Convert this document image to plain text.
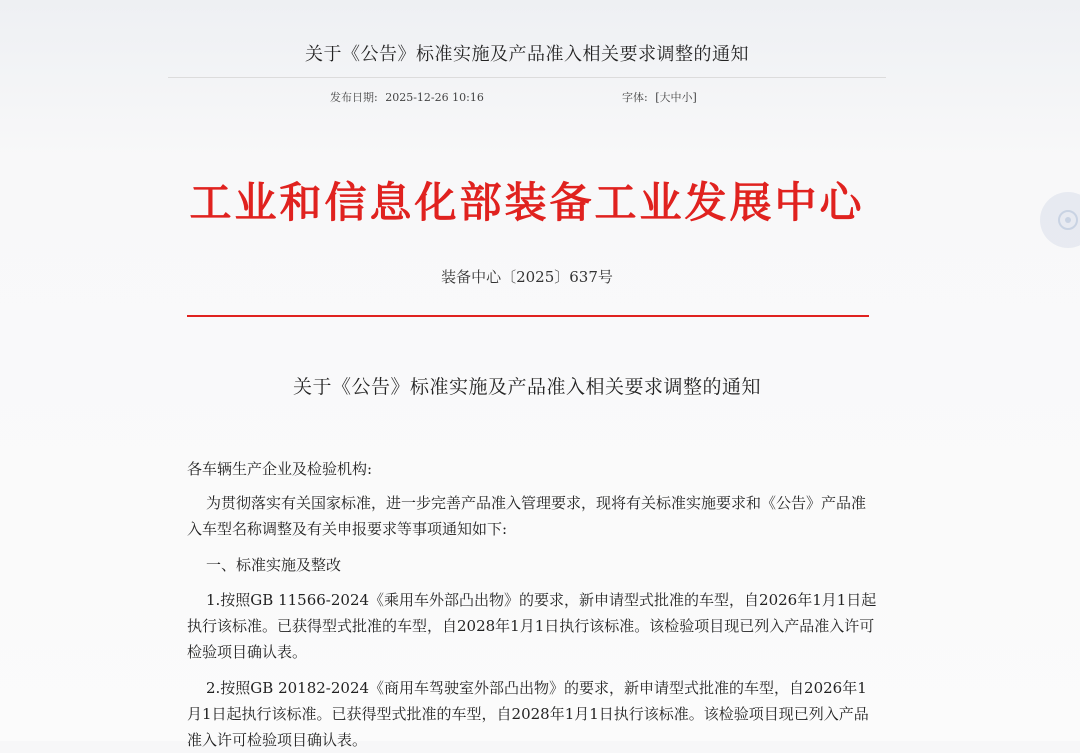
关于《公告》标准实施及产品准入相关要求调整的通知
发布日期: 2025-12-26 10:16	字体: [大中小]
工业和信息化部装备工业发展中心
装备中心〔2025〕637号
关于《公告》标准实施及产品准入相关要求调整的通知
各车辆生产企业及检验机构:
为贯彻落实有关国家标准，进一步完善产品准入管理要求，现将有关标准实施要求和《公告》产品准入车型名称调整及有关申报要求等事项通知如下:
一、标准实施及整改
1.按照GB 11566-2024《乘用车外部凸出物》的要求，新申请型式批准的车型，自2026年1月1日起执行该标准。已获得型式批准的车型，自2028年1月1日执行该标准。该检验项目现已列入产品准入许可检验项目确认表。
2.按照GB 20182-2024《商用车驾驶室外部凸出物》的要求，新申请型式批准的车型，自2026年1月1日起执行该标准。已获得型式批准的车型，自2028年1月1日执行该标准。该检验项目现已列入产品准入许可检验项目确认表。
